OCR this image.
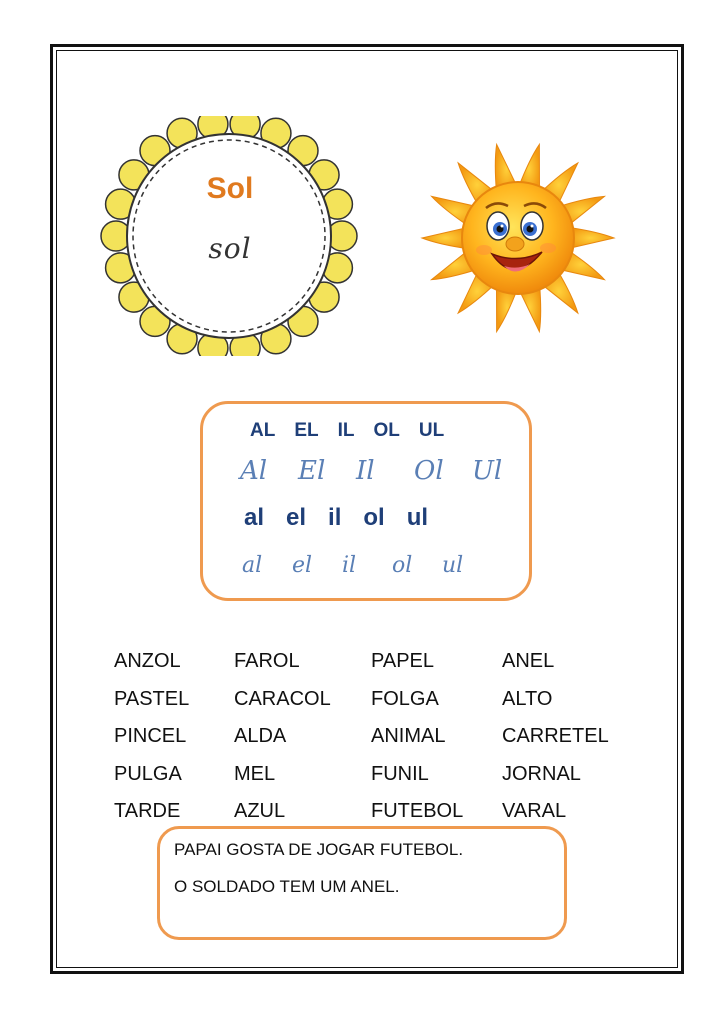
Sol
sol
AL EL IL OL UL
Al	El	Il	Ol	Ul
al el il ol ul
al	el	il	ol	ul
ANZOL	FAROL	PAPEL	ANEL
PASTEL	CARACOL	FOLGA	ALTO
PINCEL	ALDA	ANIMAL	CARRETEL
PULGA	MEL	FUNIL	JORNAL
TARDE	AZUL	FUTEBOL	VARAL
PAPAI GOSTA DE JOGAR FUTEBOL.
O SOLDADO TEM UM ANEL.
